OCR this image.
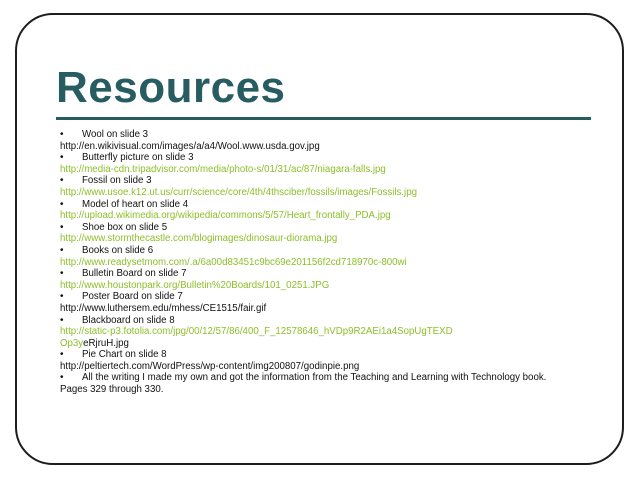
Resources
•	Wool on slide 3
http://en.wikivisual.com/images/a/a4/Wool.www.usda.gov.jpg
•	Butterfly picture on slide 3
http://media-cdn.tripadvisor.com/media/photo-s/01/31/ac/87/niagara-falls.jpg
•	Fossil on slide 3
http://www.usoe.k12.ut.us/curr/science/core/4th/4thsciber/fossils/images/Fossils.jpg
•	Model of heart on slide 4
http://upload.wikimedia.org/wikipedia/commons/5/57/Heart_frontally_PDA.jpg
•	Shoe box on slide 5
http://www.stormthecastle.com/blogimages/dinosaur-diorama.jpg
•	Books on slide 6
http://www.readysetmom.com/.a/6a00d83451c9bc69e201156f2cd718970c-800wi
•	Bulletin Board on slide 7
http://www.houstonpark.org/Bulletin%20Boards/101_0251.JPG
•	Poster Board on slide 7
http://www.luthersem.edu/mhess/CE1515/fair.gif
•	Blackboard on slide 8
http://static-p3.fotolia.com/jpg/00/12/57/86/400_F_12578646_hVDp9R2AEi1a4SopUgTEXD
Op3yeRjruH.jpg
•	Pie Chart on slide 8
http://peltiertech.com/WordPress/wp-content/img200807/godinpie.png
•	All the writing I made my own and got the information from the Teaching and Learning with Technology book.
Pages 329 through 330.
